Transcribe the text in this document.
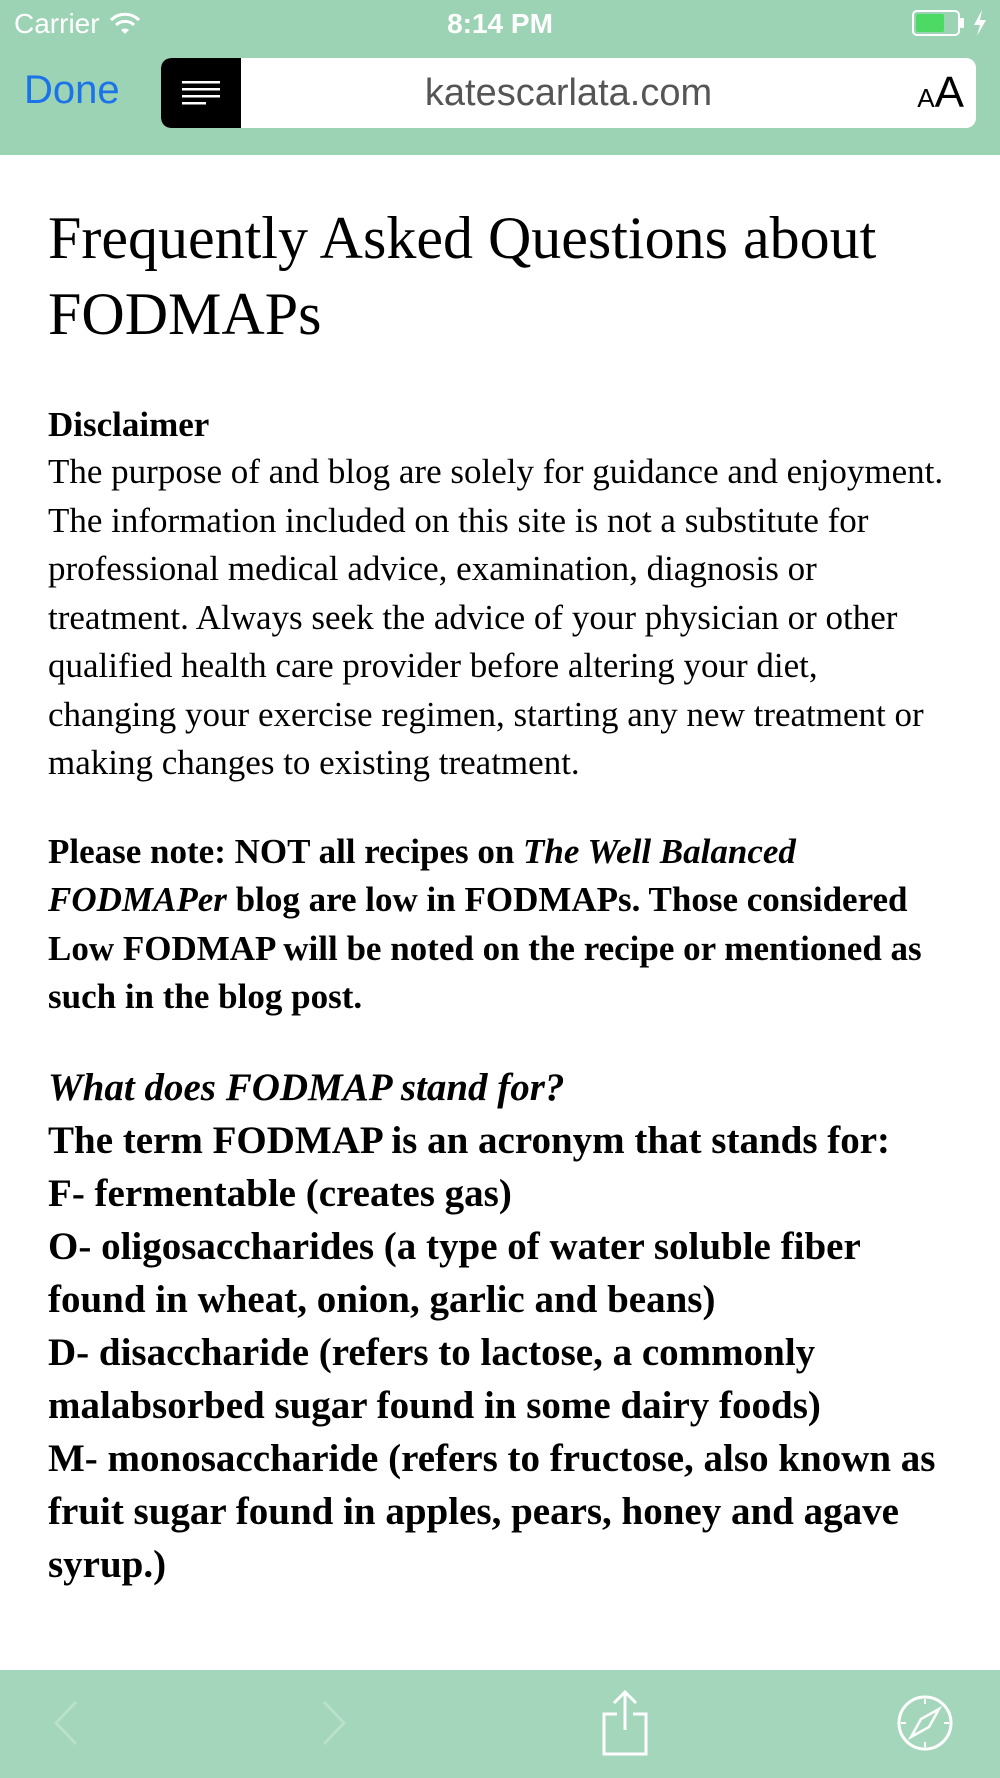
Carrier	8:14 PM
Done	katescarlata.com	AA
Frequently Asked Questions about FODMAPs

Disclaimer

The purpose of and blog are solely for guidance and enjoyment. The information included on this site is not a substitute for professional medical advice, examination, diagnosis or treatment. Always seek the advice of your physician or other qualified health care provider before altering your diet, changing your exercise regimen, starting any new treatment or making changes to existing treatment.

Please note: NOT all recipes on The Well Balanced FODMAPer blog are low in FODMAPs. Those considered Low FODMAP will be noted on the recipe or mentioned as such in the blog post.

What does FODMAP stand for?

The term FODMAP is an acronym that stands for:
F- fermentable (creates gas)
O- oligosaccharides (a type of water soluble fiber found in wheat, onion, garlic and beans)
D- disaccharide (refers to lactose, a commonly malabsorbed sugar found in some dairy foods)
M- monosaccharide (refers to fructose, also known as fruit sugar found in apples, pears, honey and agave syrup.)
